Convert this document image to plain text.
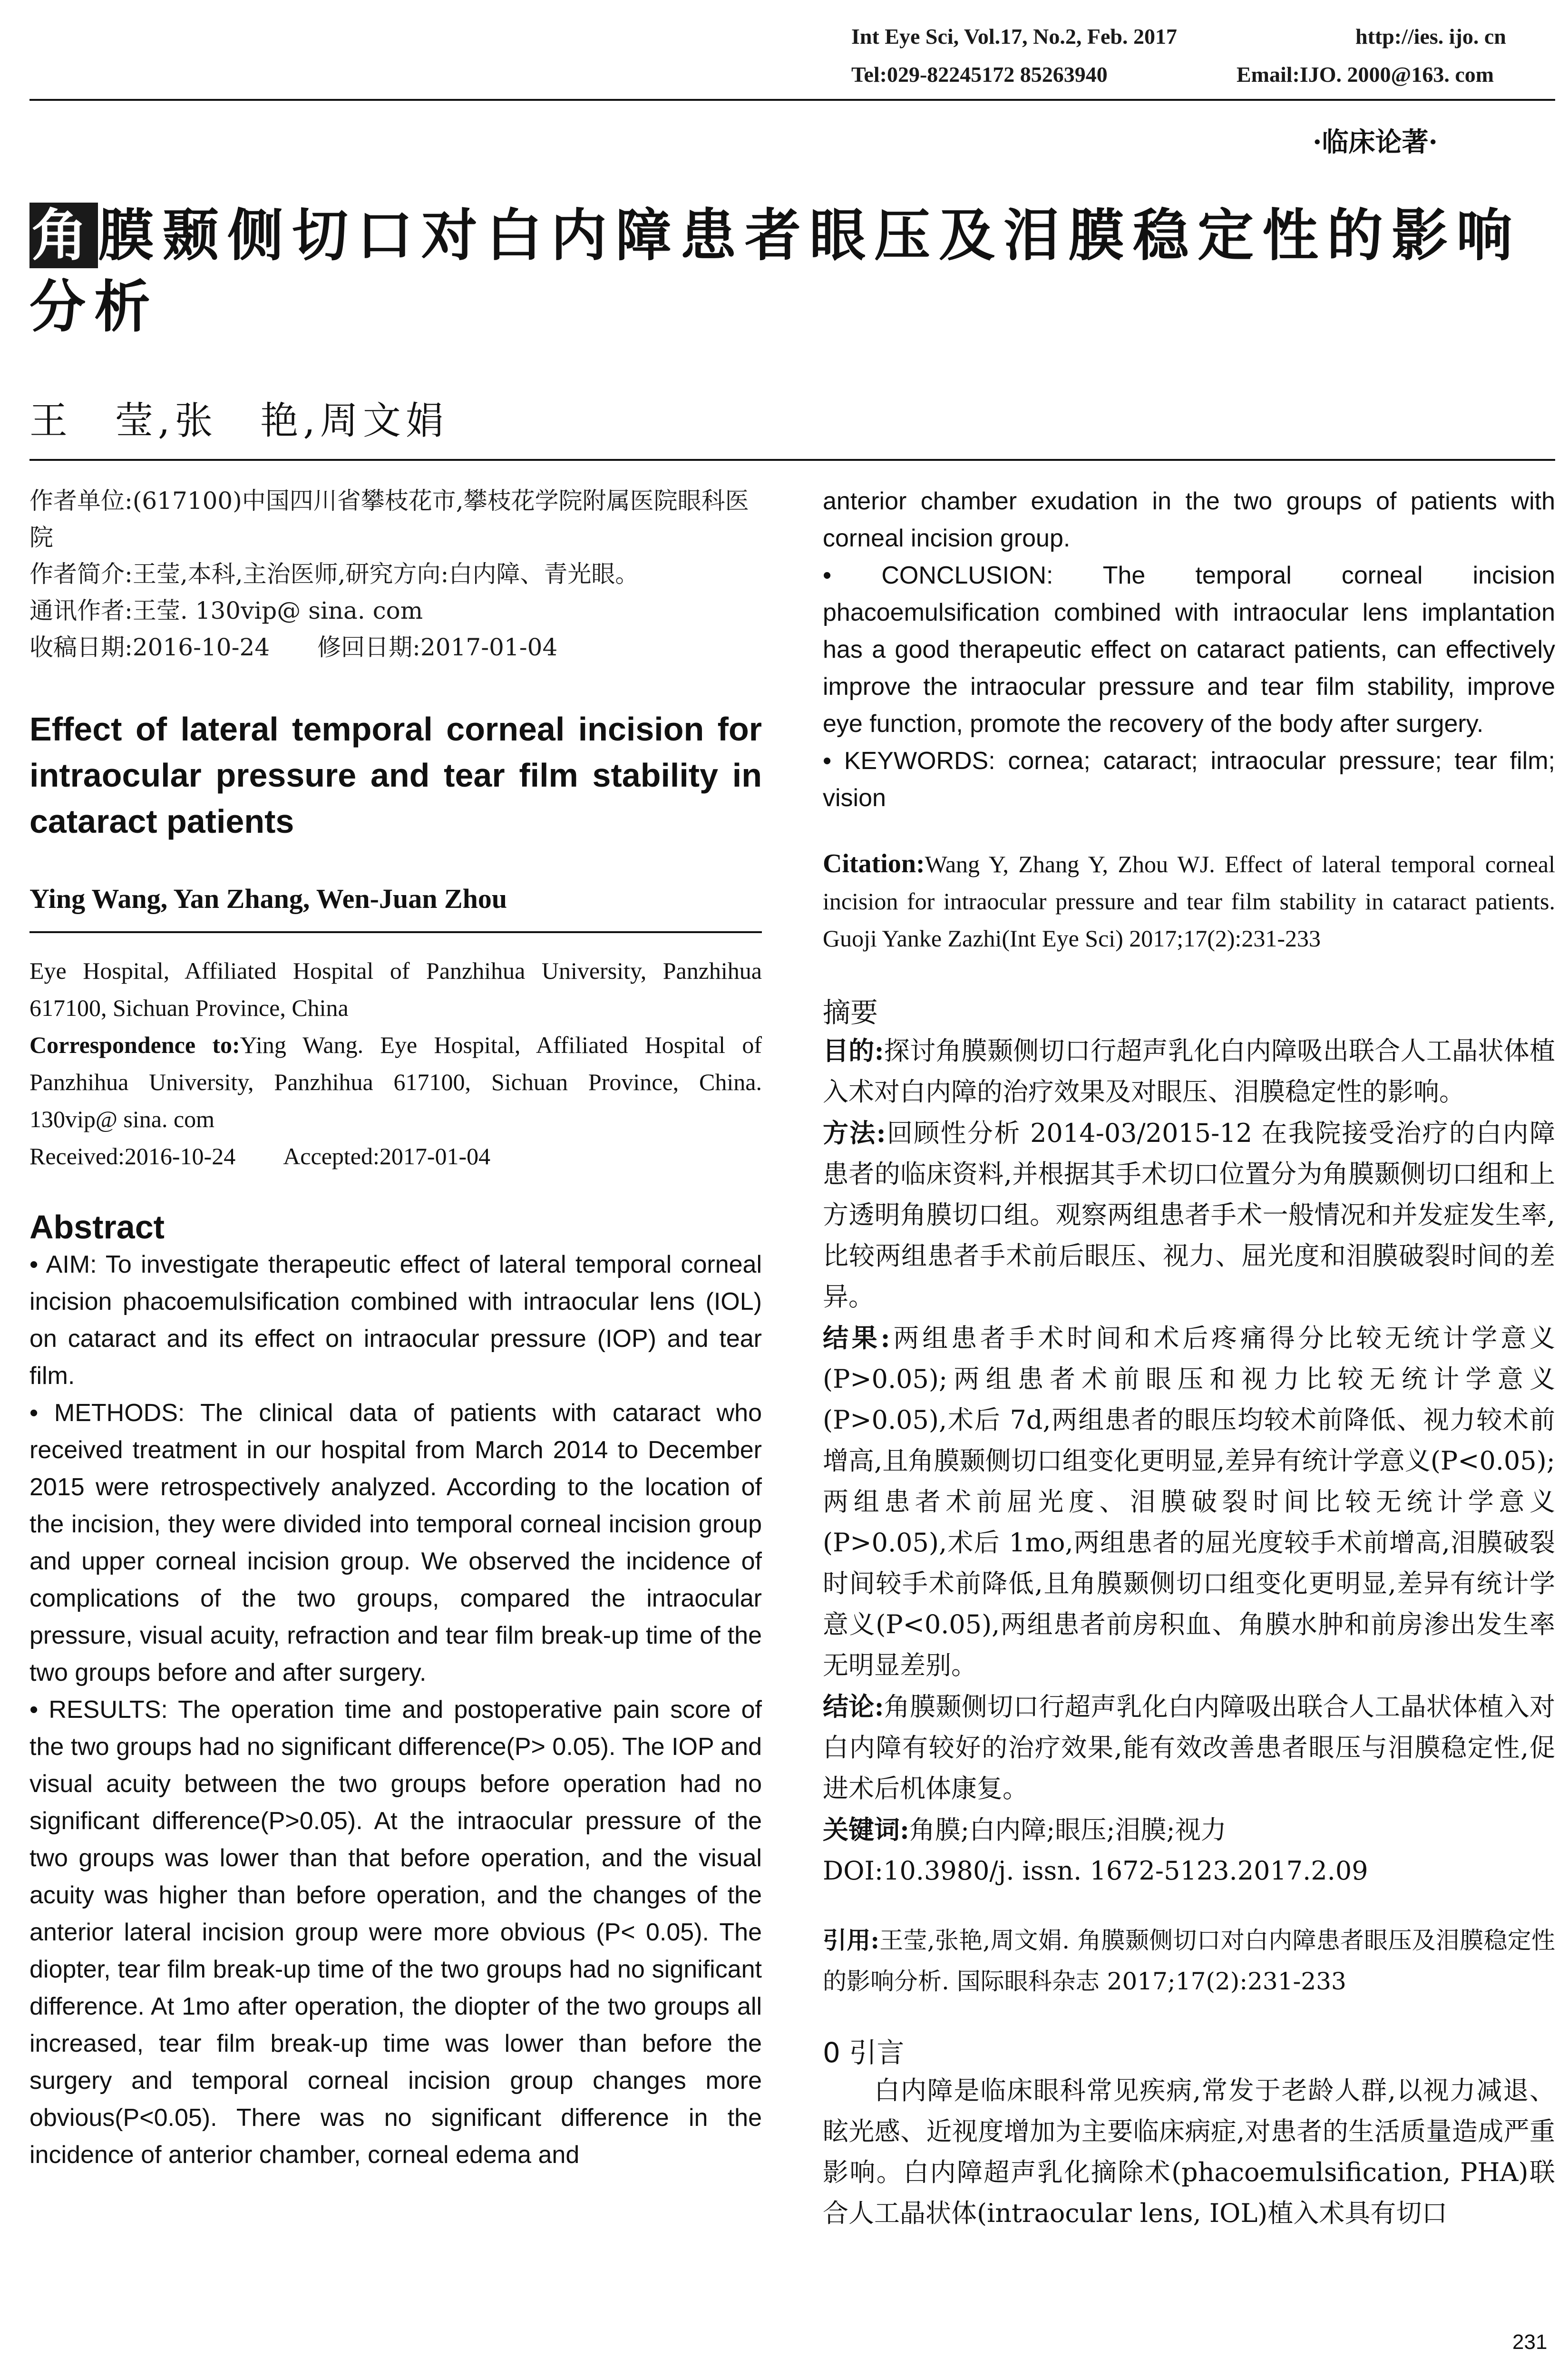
Int Eye Sci, Vol.17, No.2, Feb. 2017	http://ies. ijo. cn
Tel:029-82245172 85263940	Email:IJO. 2000@163. com
·临床论著·
角膜颞侧切口对白内障患者眼压及泪膜稳定性的影响分析
王　莹,张　艳,周文娟

作者单位:(617100)中国四川省攀枝花市,攀枝花学院附属医院眼科医院

作者简介:王莹,本科,主治医师,研究方向:白内障、青光眼。

通讯作者:王莹. 130vip@ sina. com

收稿日期:2016-10-24　　修回日期:2017-01-04

Effect of lateral temporal corneal incision for intraocular pressure and tear film stability in cataract patients
Ying Wang, Yan Zhang, Wen-Juan Zhou
Eye Hospital, Affiliated Hospital of Panzhihua University, Panzhihua 617100, Sichuan Province, China
Correspondence to:Ying Wang. Eye Hospital, Affiliated Hospital of Panzhihua University, Panzhihua 617100, Sichuan Province, China. 130vip@ sina. com
Received:2016-10-24　　Accepted:2017-01-04
Abstract
• AIM: To investigate therapeutic effect of lateral temporal corneal incision phacoemulsification combined with intraocular lens (IOL) on cataract and its effect on intraocular pressure (IOP) and tear film.
• METHODS: The clinical data of patients with cataract who received treatment in our hospital from March 2014 to December 2015 were retrospectively analyzed. According to the location of the incision, they were divided into temporal corneal incision group and upper corneal incision group. We observed the incidence of complications of the two groups, compared the intraocular pressure, visual acuity, refraction and tear film break-up time of the two groups before and after surgery.
• RESULTS: The operation time and postoperative pain score of the two groups had no significant difference(P> 0.05). The IOP and visual acuity between the two groups before operation had no significant difference(P>0.05). At the intraocular pressure of the two groups was lower than that before operation, and the visual acuity was higher than before operation, and the changes of the anterior lateral incision group were more obvious (P< 0.05). The diopter, tear film break-up time of the two groups had no significant difference. At 1mo after operation, the diopter of the two groups all increased, tear film break-up time was lower than before the surgery and temporal corneal incision group changes more obvious(P<0.05). There was no significant difference in the incidence of anterior chamber, corneal edema and
anterior chamber exudation in the two groups of patients with corneal incision group.
• CONCLUSION: The temporal corneal incision phacoemulsification combined with intraocular lens implantation has a good therapeutic effect on cataract patients, can effectively improve the intraocular pressure and tear film stability, improve eye function, promote the recovery of the body after surgery.
• KEYWORDS: cornea; cataract; intraocular pressure; tear film; vision
Citation:Wang Y, Zhang Y, Zhou WJ. Effect of lateral temporal corneal incision for intraocular pressure and tear film stability in cataract patients. Guoji Yanke Zazhi(Int Eye Sci) 2017;17(2):231-233
摘要
目的:探讨角膜颞侧切口行超声乳化白内障吸出联合人工晶状体植入术对白内障的治疗效果及对眼压、泪膜稳定性的影响。
方法:回顾性分析 2014-03/2015-12 在我院接受治疗的白内障患者的临床资料,并根据其手术切口位置分为角膜颞侧切口组和上方透明角膜切口组。观察两组患者手术一般情况和并发症发生率,比较两组患者手术前后眼压、视力、屈光度和泪膜破裂时间的差异。
结果:两组患者手术时间和术后疼痛得分比较无统计学意义(P>0.05);两组患者术前眼压和视力比较无统计学意义(P>0.05),术后 7d,两组患者的眼压均较术前降低、视力较术前增高,且角膜颞侧切口组变化更明显,差异有统计学意义(P<0.05);两组患者术前屈光度、泪膜破裂时间比较无统计学意义(P>0.05),术后 1mo,两组患者的屈光度较手术前增高,泪膜破裂时间较手术前降低,且角膜颞侧切口组变化更明显,差异有统计学意义(P<0.05),两组患者前房积血、角膜水肿和前房渗出发生率无明显差别。
结论:角膜颞侧切口行超声乳化白内障吸出联合人工晶状体植入对白内障有较好的治疗效果,能有效改善患者眼压与泪膜稳定性,促进术后机体康复。
关键词:角膜;白内障;眼压;泪膜;视力
DOI:10.3980/j. issn. 1672-5123.2017.2.09
引用:王莹,张艳,周文娟. 角膜颞侧切口对白内障患者眼压及泪膜稳定性的影响分析. 国际眼科杂志 2017;17(2):231-233
0 引言
白内障是临床眼科常见疾病,常发于老龄人群,以视力减退、眩光感、近视度增加为主要临床病症,对患者的生活质量造成严重影响。白内障超声乳化摘除术(phacoemulsification, PHA)联合人工晶状体(intraocular lens, IOL)植入术具有切口
231
